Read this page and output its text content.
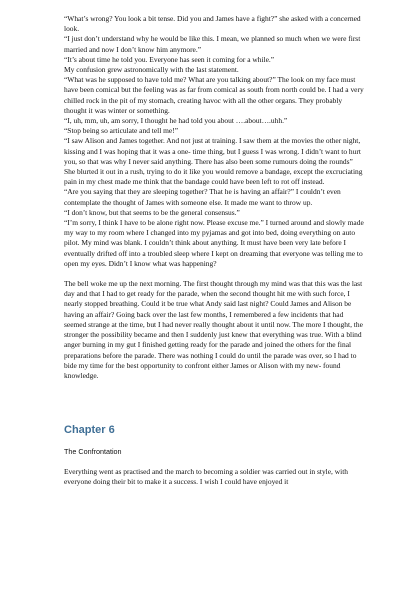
“What’s wrong? You look a bit tense. Did you and James have a fight?” she asked with a concerned look.

“I just don’t understand why he would be like this. I mean, we planned so much when we were first married and now I don’t know him anymore.”

“It’s about time he told you. Everyone has seen it coming for a while.”

My confusion grew astronomically with the last statement.

“What was he supposed to have told me? What are you talking about?” The look on my face must have been comical but the feeling was as far from comical as south from north could be. I had a very chilled rock in the pit of my stomach, creating havoc with all the other organs. They probably thought it was winter or something.

“I, uh, mm, uh, am sorry, I thought he had told you about ….about….uhh.”

“Stop being so articulate and tell me!”

“I saw Alison and James together. And not just at training. I saw them at the movies the other night, kissing and I was hoping that it was a one- time thing, but I guess I was wrong. I didn’t want to hurt you, so that was why I never said anything. There has also been some rumours doing the rounds” She blurted it out in a rush, trying to do it like you would remove a bandage, except the excruciating pain in my chest made me think that the bandage could have been left to rot off instead.

“Are you saying that they are sleeping together? That he is having an affair?” I couldn’t even contemplate the thought of James with someone else. It made me want to throw up.

“I don’t know, but that seems to be the general consensus.”

“I’m sorry, I think I have to be alone right now. Please excuse me.” I turned around and slowly made my way to my room where I changed into my pyjamas and got into bed, doing everything on auto pilot. My mind was blank. I couldn’t think about anything. It must have been very late before I eventually drifted off into a troubled sleep where I kept on dreaming that everyone was telling me to open my eyes. Didn’t I know what was happening?

The bell woke me up the next morning. The first thought through my mind was that this was the last day and that I had to get ready for the parade, when the second thought hit me with such force, I nearly stopped breathing. Could it be true what Andy said last night? Could James and Alison be having an affair? Going back over the last few months, I remembered a few incidents that had seemed strange at the time, but I had never really thought about it until now. The more I thought, the stronger the possibility became and then I suddenly just knew that everything was true. With a blind anger burning in my gut I finished getting ready for the parade and joined the others for the final preparations before the parade. There was nothing I could do until the parade was over, so I had to bide my time for the best opportunity to confront either James or Alison with my new- found knowledge.

Chapter 6

The Confrontation

Everything went as practised and the march to becoming a soldier was carried out in style, with everyone doing their bit to make it a success. I wish I could have enjoyed it
